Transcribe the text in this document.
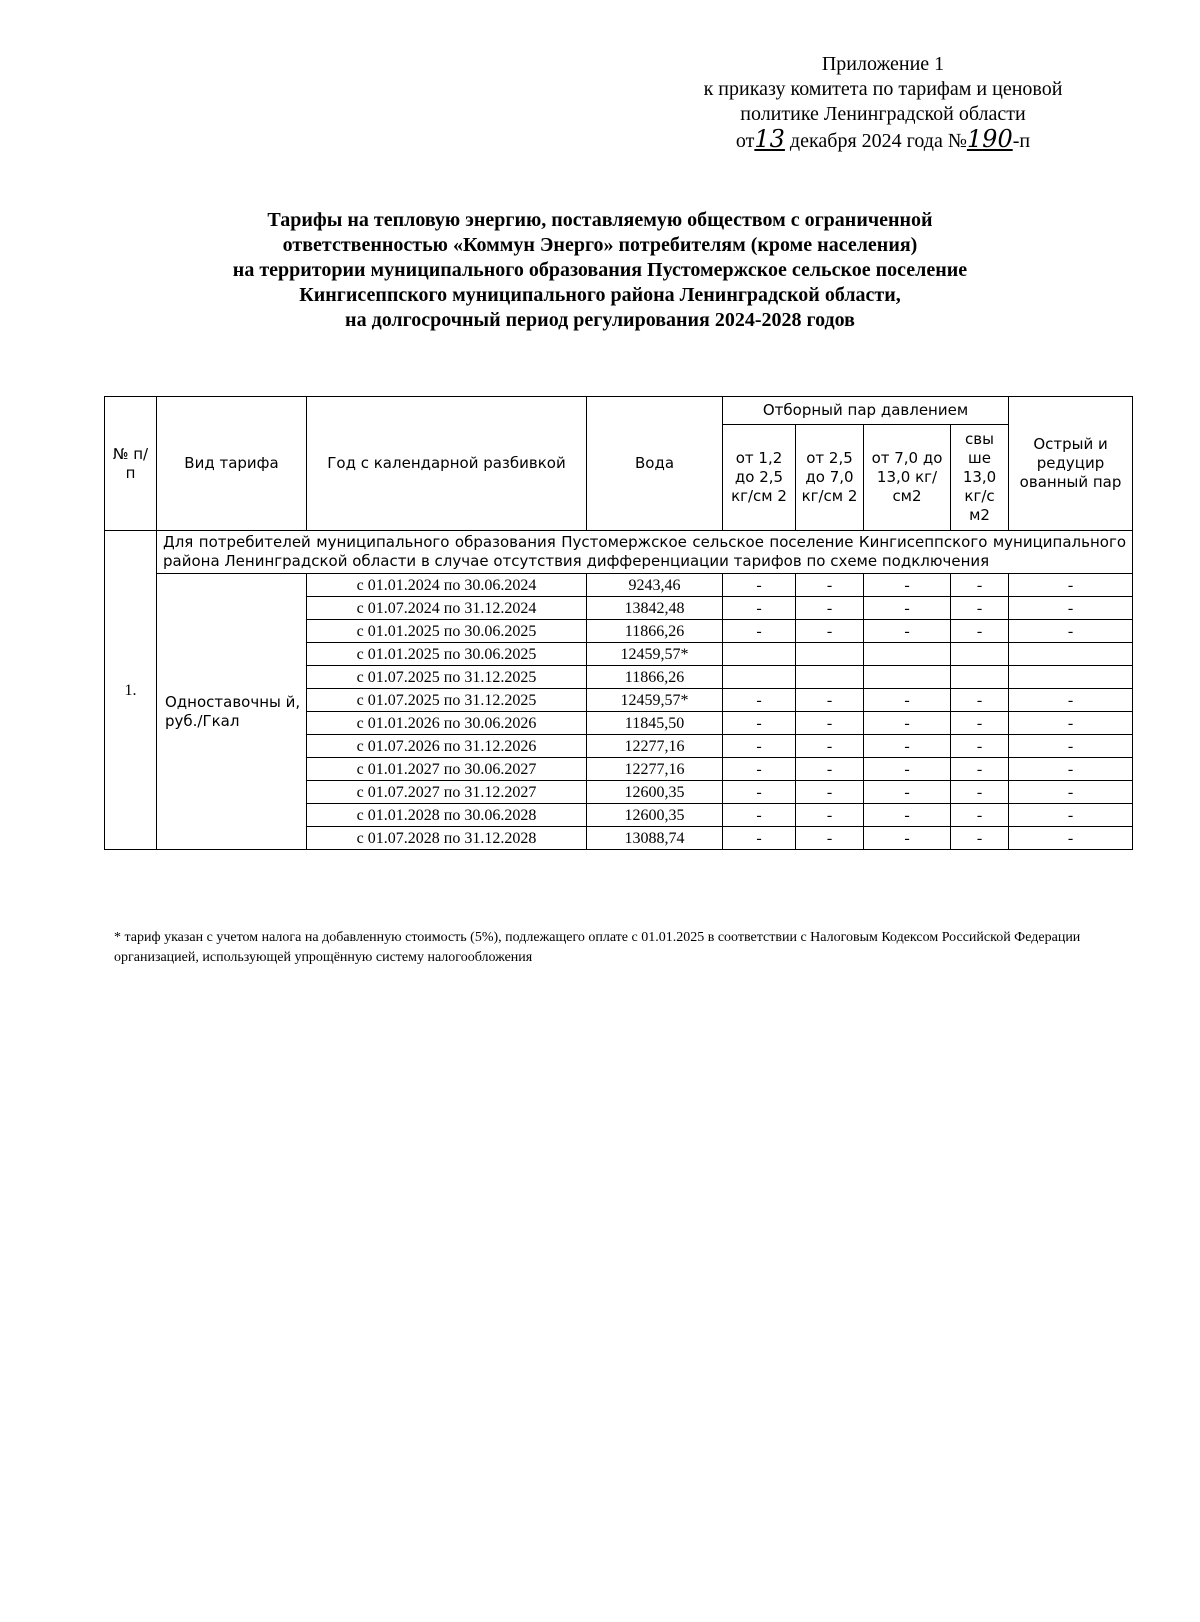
Приложение 1
к приказу комитета по тарифам и ценовой
политике Ленинградской области
от13 декабря 2024 года №190-п
Тарифы на тепловую энергию, поставляемую обществом с ограниченной
ответственностью «Коммун Энерго» потребителям (кроме населения)
на территории муниципального образования Пустомержское сельское поселение
Кингисеппского муниципального района Ленинградской области,
на долгосрочный период регулирования 2024-2028 годов
№ п/п	Вид тарифа	Год с календарной разбивкой	Вода	Отборный пар давлением				Острый и редуцир ованный пар
				от 1,2 до 2,5 кг/см 2	от 2,5 до 7,0 кг/см 2	от 7,0 до 13,0 кг/см2	свы ше 13,0 кг/с м2	
1.	Для потребителей муниципального образования Пустомержское сельское поселение Кингисеппского муниципального района Ленинградской области в случае отсутствия дифференциации тарифов по схеме подключения							
	Одноставочны й, руб./Гкал	с 01.01.2024 по 30.06.2024	9243,46	-	-	-	-	-
		с 01.07.2024 по 31.12.2024	13842,48	-	-	-	-	-
		с 01.01.2025 по 30.06.2025	11866,26	-	-	-	-	-
		с 01.01.2025 по 30.06.2025	12459,57*					
		с 01.07.2025 по 31.12.2025	11866,26					
		с 01.07.2025 по 31.12.2025	12459,57*	-	-	-	-	-
		с 01.01.2026 по 30.06.2026	11845,50	-	-	-	-	-
		с 01.07.2026 по 31.12.2026	12277,16	-	-	-	-	-
		с 01.01.2027 по 30.06.2027	12277,16	-	-	-	-	-
		с 01.07.2027 по 31.12.2027	12600,35	-	-	-	-	-
		с 01.01.2028 по 30.06.2028	12600,35	-	-	-	-	-
		с 01.07.2028 по 31.12.2028	13088,74	-	-	-	-	-
* тариф указан с учетом налога на добавленную стоимость (5%), подлежащего оплате с 01.01.2025 в соответствии с Налоговым Кодексом Российской Федерации организацией, использующей упрощённую систему налогообложения
